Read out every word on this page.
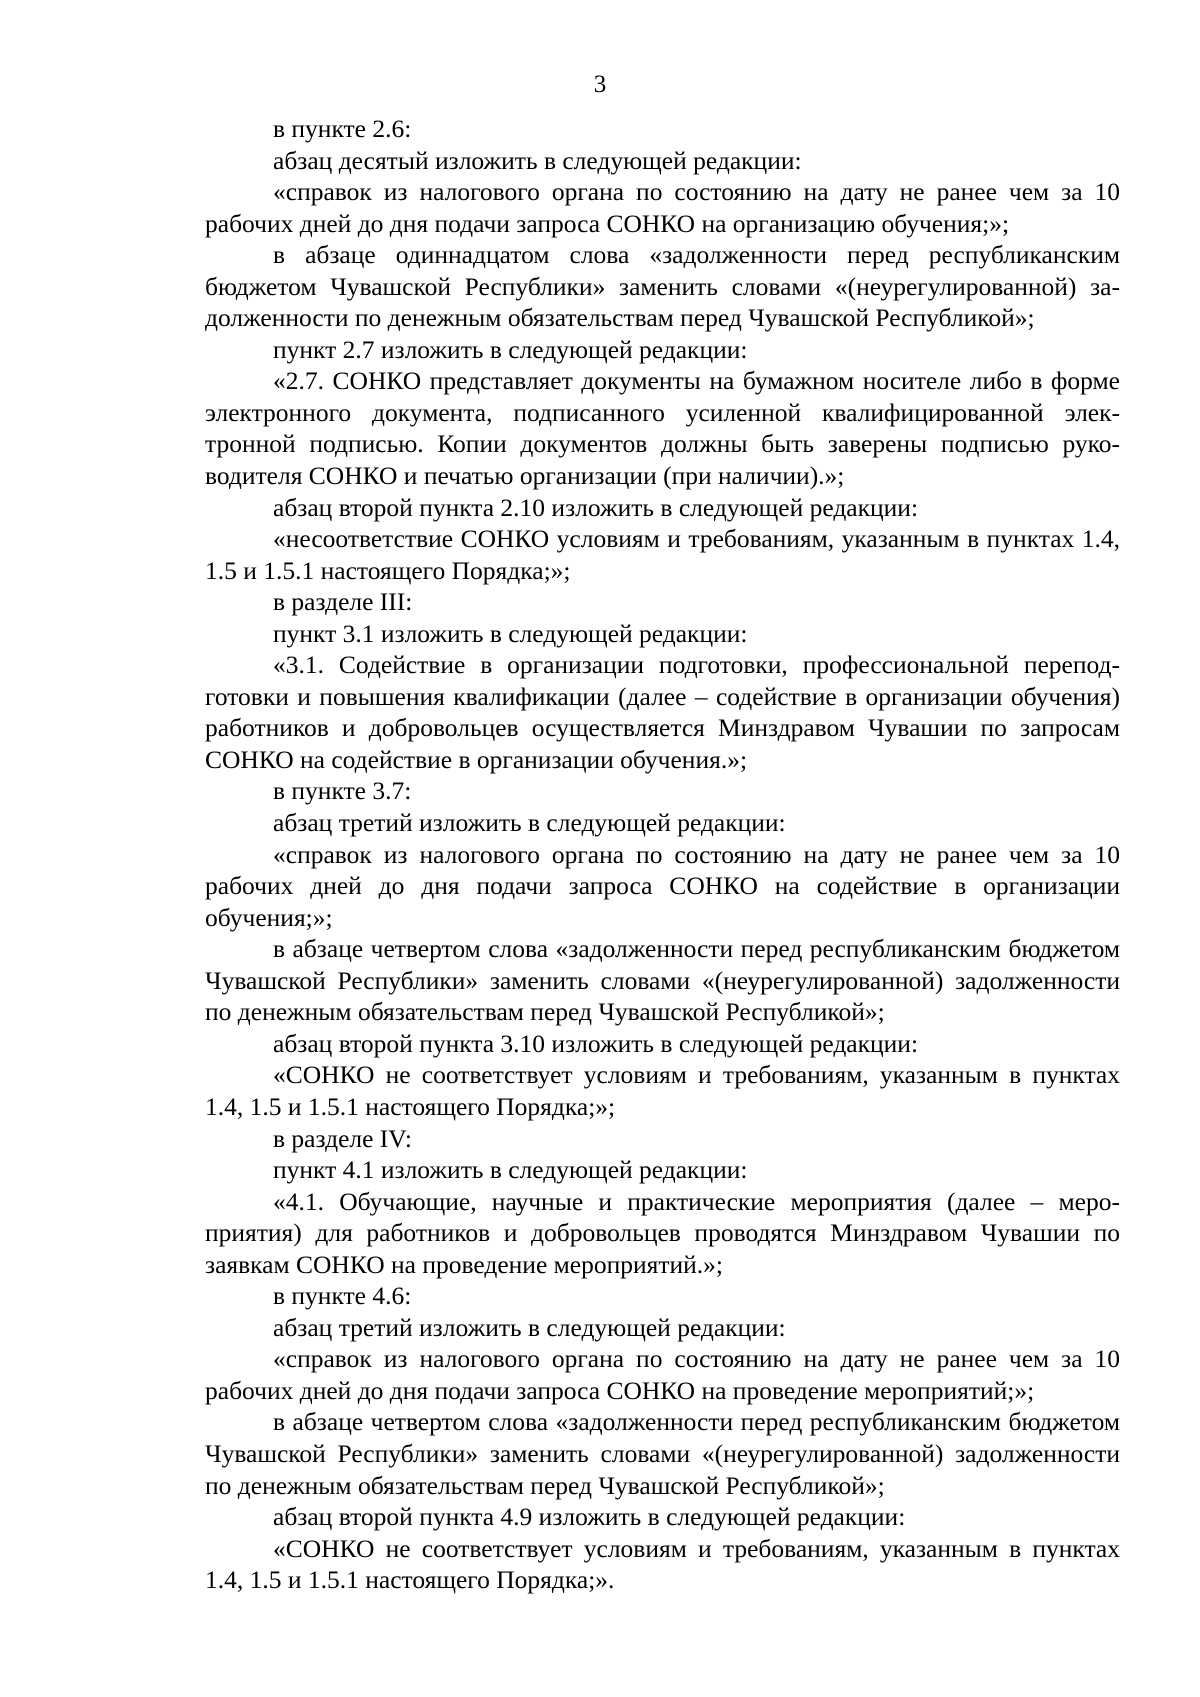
3

в пункте 2.6:

абзац десятый изложить в следующей редакции:

«справок из налогового органа по состоянию на дату не ранее чем за 10 рабочих дней до дня подачи запроса СОНКО на организацию обучения;»;

в абзаце одиннадцатом слова «задолженности перед республиканским бюджетом Чувашской Республики» заменить словами «(неурегулированной) задолженности по денежным обязательствам перед Чувашской Республикой»;

пункт 2.7 изложить в следующей редакции:

«2.7. СОНКО представляет документы на бумажном носителе либо в форме электронного документа, подписанного усиленной квалифицированной электронной подписью. Копии документов должны быть заверены подписью руководителя СОНКО и печатью организации (при наличии).»;

абзац второй пункта 2.10 изложить в следующей редакции:

«несоответствие СОНКО условиям и требованиям, указанным в пунктах 1.4, 1.5 и 1.5.1 настоящего Порядка;»;

в разделе III:

пункт 3.1 изложить в следующей редакции:

«3.1. Содействие в организации подготовки, профессиональной переподготовки и повышения квалификации (далее – содействие в организации обучения) работников и добровольцев осуществляется Минздравом Чувашии по запросам СОНКО на содействие в организации обучения.»;

в пункте 3.7:

абзац третий изложить в следующей редакции:

«справок из налогового органа по состоянию на дату не ранее чем за 10 рабочих дней до дня подачи запроса СОНКО на содействие в организации обучения;»;

в абзаце четвертом слова «задолженности перед республиканским бюджетом Чувашской Республики» заменить словами «(неурегулированной) задолженности по денежным обязательствам перед Чувашской Республикой»;

абзац второй пункта 3.10 изложить в следующей редакции:

«СОНКО не соответствует условиям и требованиям, указанным в пунктах 1.4, 1.5 и 1.5.1 настоящего Порядка;»;

в разделе IV:

пункт 4.1 изложить в следующей редакции:

«4.1. Обучающие, научные и практические мероприятия (далее – мероприятия) для работников и добровольцев проводятся Минздравом Чувашии по заявкам СОНКО на проведение мероприятий.»;

в пункте 4.6:

абзац третий изложить в следующей редакции:

«справок из налогового органа по состоянию на дату не ранее чем за 10 рабочих дней до дня подачи запроса СОНКО на проведение мероприятий;»;

в абзаце четвертом слова «задолженности перед республиканским бюджетом Чувашской Республики» заменить словами «(неурегулированной) задолженности по денежным обязательствам перед Чувашской Республикой»;

абзац второй пункта 4.9 изложить в следующей редакции:

«СОНКО не соответствует условиям и требованиям, указанным в пунктах 1.4, 1.5 и 1.5.1 настоящего Порядка;».
